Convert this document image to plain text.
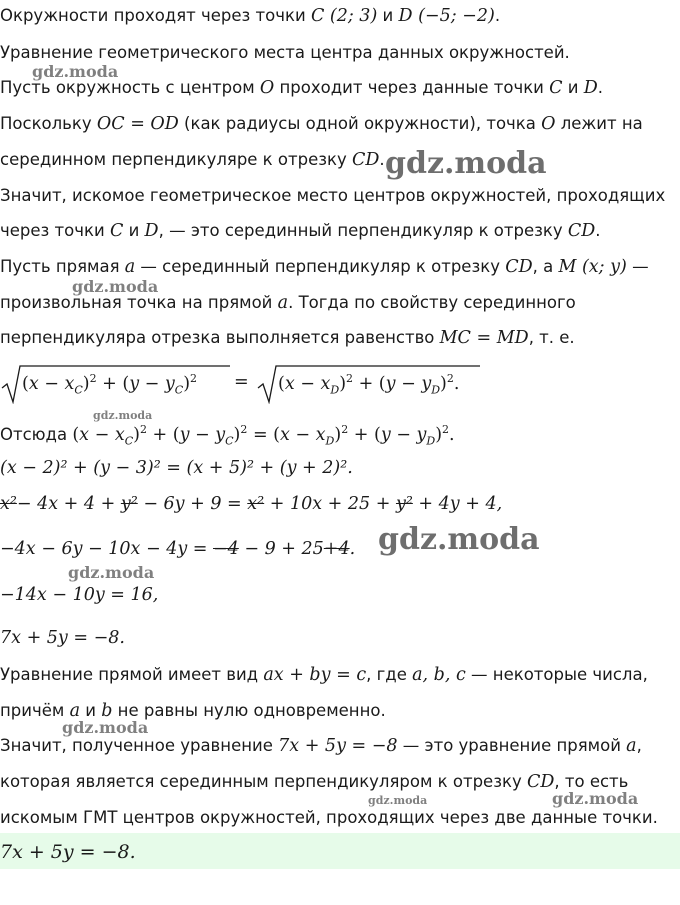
Окружности проходят через точки C (2; 3) и D (−5; −2).
Уравнение геометрического места центра данных окружностей.
Пусть окружность с центром O проходит через данные точки C и D.
Поскольку OC = OD (как радиусы одной окружности), точка O лежит на
серединном перпендикуляре к отрезку CD.
Значит, искомое геометрическое место центров окружностей, проходящих
через точки C и D, — это серединный перпендикуляр к отрезку CD.
Пусть прямая a — серединный перпендикуляр к отрезку CD, а M (x; y) —
произвольная точка на прямой a. Тогда по свойству серединного
перпендикуляра отрезка выполняется равенство MC = MD, т. е.
$(x - x_C)^2 + (y - y_C)^2 = (x - x_D)^2 + (y - y_D)^2$.
Отсюда $(x - x_C)^2 + (y - y_C)^2 = (x - x_D)^2 + (y - y_D)^2$.
(x − 2)² + (y − 3)² = (x + 5)² + (y + 2)².
x²− 4x + 4 + y² − 6y + 9 = x² + 10x + 25 + y² + 4y + 4,
−4x − 6y − 10x − 4y = −4 − 9 + 25+4.
−14x − 10y = 16,
7x + 5y = −8.
Уравнение прямой имеет вид ax + by = c, где a, b, c — некоторые числа,
причём a и b не равны нулю одновременно.
Значит, полученное уравнение 7x + 5y = −8 — это уравнение прямой a,
которая является серединным перпендикуляром к отрезку CD, то есть
искомым ГМТ центров окружностей, проходящих через две данные точки.
7x + 5y = −8.
gdz.moda
gdz.moda
gdz.moda
gdz.moda
gdz.moda
gdz.moda
gdz.moda
gdz.moda	gdz.moda
